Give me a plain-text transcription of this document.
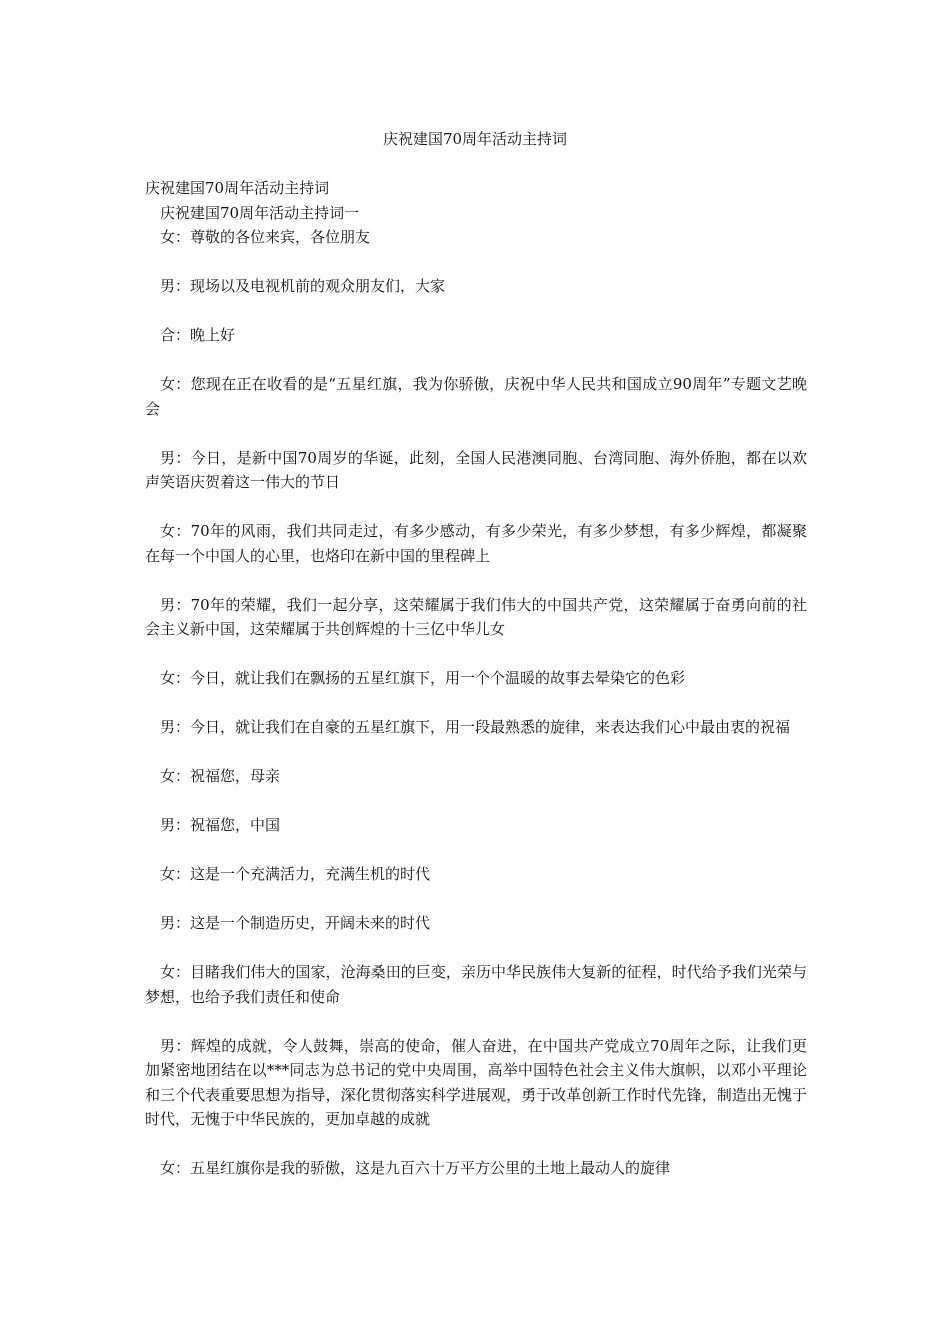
庆祝建国70周年活动主持词

庆祝建国70周年活动主持词

庆祝建国70周年活动主持词一

女：尊敬的各位来宾，各位朋友

男：现场以及电视机前的观众朋友们，大家

合：晚上好

女：您现在正在收看的是“五星红旗，我为你骄傲，庆祝中华人民共和国成立90周年”专题文艺晚会

男：今日，是新中国70周岁的华诞，此刻，全国人民港澳同胞、台湾同胞、海外侨胞，都在以欢声笑语庆贺着这一伟大的节日

女：70年的风雨，我们共同走过，有多少感动，有多少荣光，有多少梦想，有多少辉煌，都凝聚在每一个中国人的心里，也烙印在新中国的里程碑上

男：70年的荣耀，我们一起分享，这荣耀属于我们伟大的中国共产党，这荣耀属于奋勇向前的社会主义新中国，这荣耀属于共创辉煌的十三亿中华儿女

女：今日，就让我们在飘扬的五星红旗下，用一个个温暖的故事去晕染它的色彩

男：今日，就让我们在自豪的五星红旗下，用一段最熟悉的旋律，来表达我们心中最由衷的祝福

女：祝福您，母亲

男：祝福您，中国

女：这是一个充满活力，充满生机的时代

男：这是一个制造历史，开阔未来的时代

女：目睹我们伟大的国家，沧海桑田的巨变，亲历中华民族伟大复新的征程，时代给予我们光荣与梦想，也给予我们责任和使命

男：辉煌的成就，令人鼓舞，崇高的使命，催人奋进，在中国共产党成立70周年之际，让我们更加紧密地团结在以***同志为总书记的党中央周围，高举中国特色社会主义伟大旗帜，以邓小平理论和三个代表重要思想为指导，深化贯彻落实科学进展观，勇于改革创新工作时代先锋，制造出无愧于时代，无愧于中华民族的，更加卓越的成就

女：五星红旗你是我的骄傲，这是九百六十万平方公里的土地上最动人的旋律
